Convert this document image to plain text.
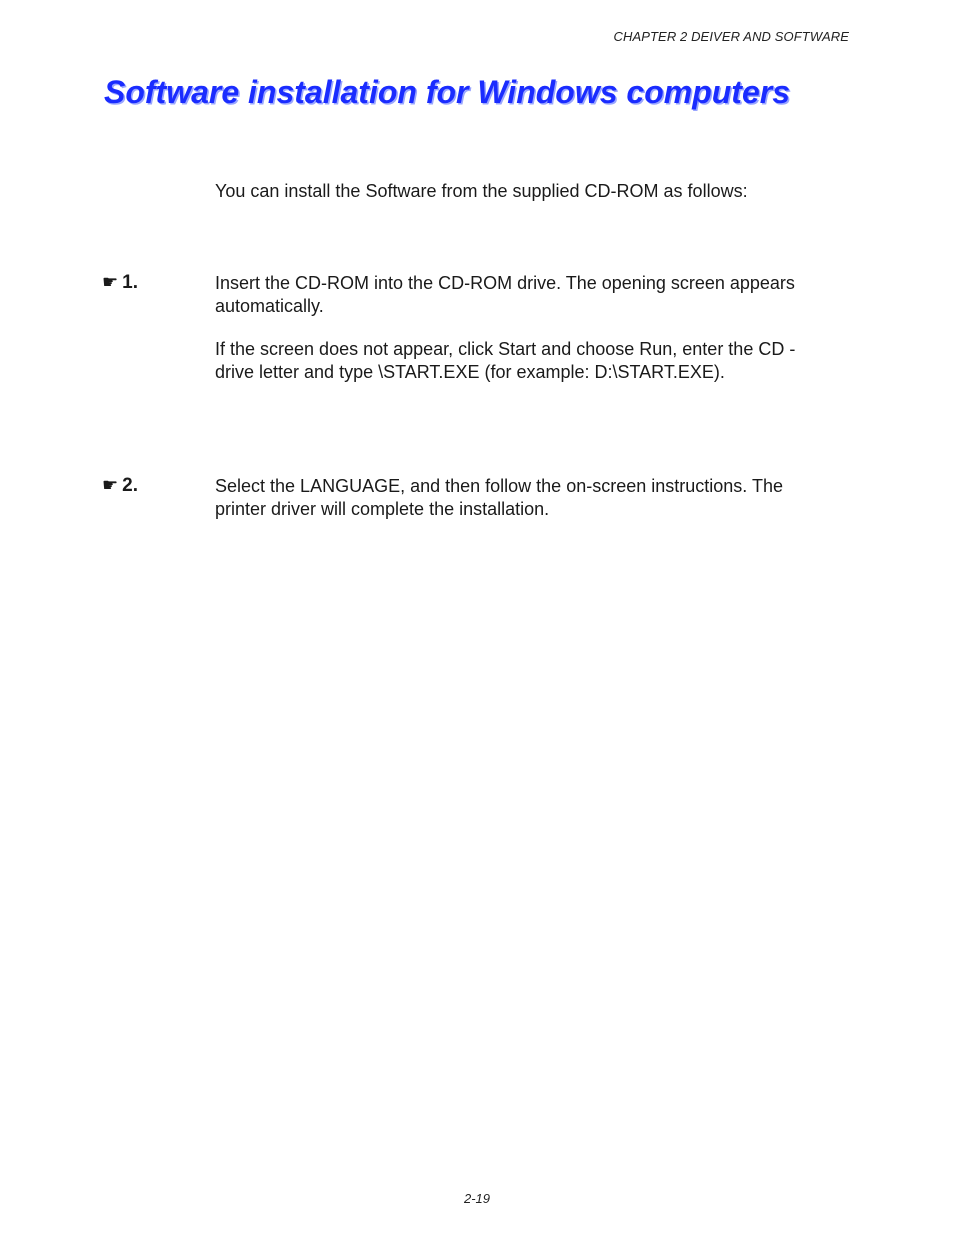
CHAPTER 2 DEIVER AND SOFTWARE
Software installation for Windows computers
You can install the Software from the supplied CD-ROM as follows:
☛ 1.	Insert the CD-ROM into the CD-ROM drive. The opening screen appears automatically.

If the screen does not appear, click Start and choose Run, enter the CD -drive letter and type \START.EXE (for example: D:\START.EXE).

☛ 2.	Select the LANGUAGE, and then follow the on-screen instructions. The printer driver will complete the installation.

2-19
